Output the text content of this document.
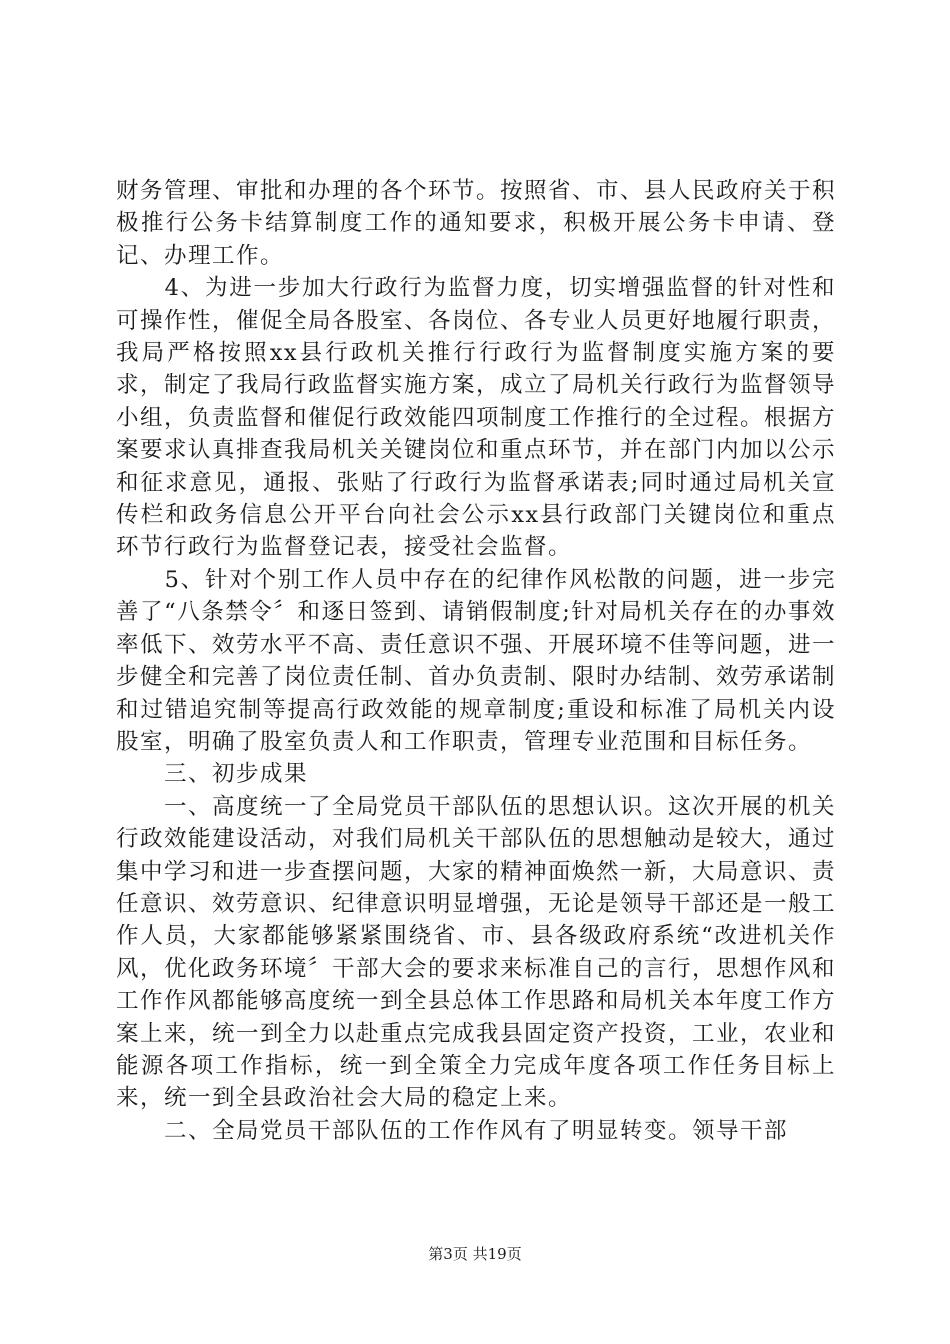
财务管理、审批和办理的各个环节。按照省、市、县人民政府关于积极推行公务卡结算制度工作的通知要求，积极开展公务卡申请、登记、办理工作。

　　4、为进一步加大行政行为监督力度，切实增强监督的针对性和可操作性，催促全局各股室、各岗位、各专业人员更好地履行职责，我局严格按照xx县行政机关推行行政行为监督制度实施方案的要求，制定了我局行政监督实施方案，成立了局机关行政行为监督领导小组，负责监督和催促行政效能四项制度工作推行的全过程。根据方案要求认真排查我局机关关键岗位和重点环节，并在部门内加以公示和征求意见，通报、张贴了行政行为监督承诺表;同时通过局机关宣传栏和政务信息公开平台向社会公示xx县行政部门关键岗位和重点环节行政行为监督登记表，接受社会监督。

　　5、针对个别工作人员中存在的纪律作风松散的问题，进一步完善了“八条禁令〞和逐日签到、请销假制度;针对局机关存在的办事效率低下、效劳水平不高、责任意识不强、开展环境不佳等问题，进一步健全和完善了岗位责任制、首办负责制、限时办结制、效劳承诺制和过错追究制等提高行政效能的规章制度;重设和标准了局机关内设股室，明确了股室负责人和工作职责，管理专业范围和目标任务。

　　三、初步成果

　　一、高度统一了全局党员干部队伍的思想认识。这次开展的机关行政效能建设活动，对我们局机关干部队伍的思想触动是较大，通过集中学习和进一步查摆问题，大家的精神面焕然一新，大局意识、责任意识、效劳意识、纪律意识明显增强，无论是领导干部还是一般工作人员，大家都能够紧紧围绕省、市、县各级政府系统“改进机关作风，优化政务环境〞干部大会的要求来标准自己的言行，思想作风和工作作风都能够高度统一到全县总体工作思路和局机关本年度工作方案上来，统一到全力以赴重点完成我县固定资产投资，工业，农业和能源各项工作指标，统一到全策全力完成年度各项工作任务目标上来，统一到全县政治社会大局的稳定上来。

　　二、全局党员干部队伍的工作作风有了明显转变。领导干部

第3页 共19页
